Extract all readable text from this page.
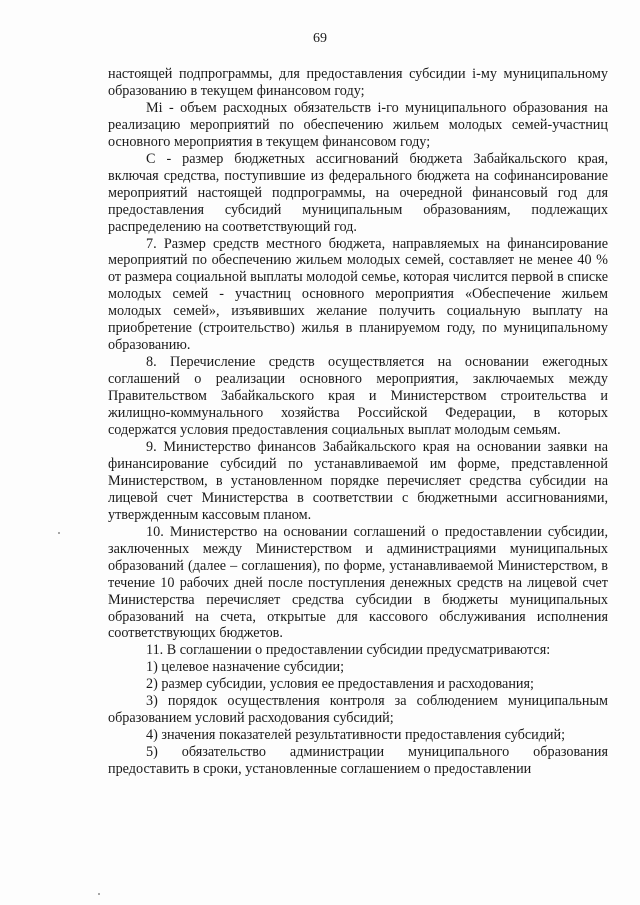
69

настоящей подпрограммы, для предоставления субсидии i-му муниципальному образованию в текущем финансовом году;

Mi - объем расходных обязательств i-го муниципального образования на реализацию мероприятий по обеспечению жильем молодых семей-участниц основного мероприятия в текущем финансовом году;

С - размер бюджетных ассигнований бюджета Забайкальского края, включая средства, поступившие из федерального бюджета на софинансирование мероприятий настоящей подпрограммы, на очередной финансовый год для предоставления субсидий муниципальным образованиям, подлежащих распределению на соответствующий год.

7. Размер средств местного бюджета, направляемых на финансирование мероприятий по обеспечению жильем молодых семей, составляет не менее 40 % от размера социальной выплаты молодой семье, которая числится первой в списке молодых семей - участниц основного мероприятия «Обеспечение жильем молодых семей», изъявивших желание получить социальную выплату на приобретение (строительство) жилья в планируемом году, по муниципальному образованию.

8. Перечисление средств осуществляется на основании ежегодных соглашений о реализации основного мероприятия, заключаемых между Правительством Забайкальского края и Министерством строительства и жилищно-коммунального хозяйства Российской Федерации, в которых содержатся условия предоставления социальных выплат молодым семьям.

9. Министерство финансов Забайкальского края на основании заявки на финансирование субсидий по устанавливаемой им форме, представленной Министерством, в установленном порядке перечисляет средства субсидии на лицевой счет Министерства в соответствии с бюджетными ассигнованиями, утвержденным кассовым планом.

10. Министерство на основании соглашений о предоставлении субсидии, заключенных между Министерством и администрациями муниципальных образований (далее – соглашения), по форме, устанавливаемой Министерством, в течение 10 рабочих дней после поступления денежных средств на лицевой счет Министерства перечисляет средства субсидии в бюджеты муниципальных образований на счета, открытые для кассового обслуживания исполнения соответствующих бюджетов.

11. В соглашении о предоставлении субсидии предусматриваются:

1) целевое назначение субсидии;

2) размер субсидии, условия ее предоставления и расходования;

3) порядок осуществления контроля за соблюдением муниципальным образованием условий расходования субсидий;

4) значения показателей результативности предоставления субсидий;

5) обязательство администрации муниципального образования предоставить в сроки, установленные соглашением о предоставлении
